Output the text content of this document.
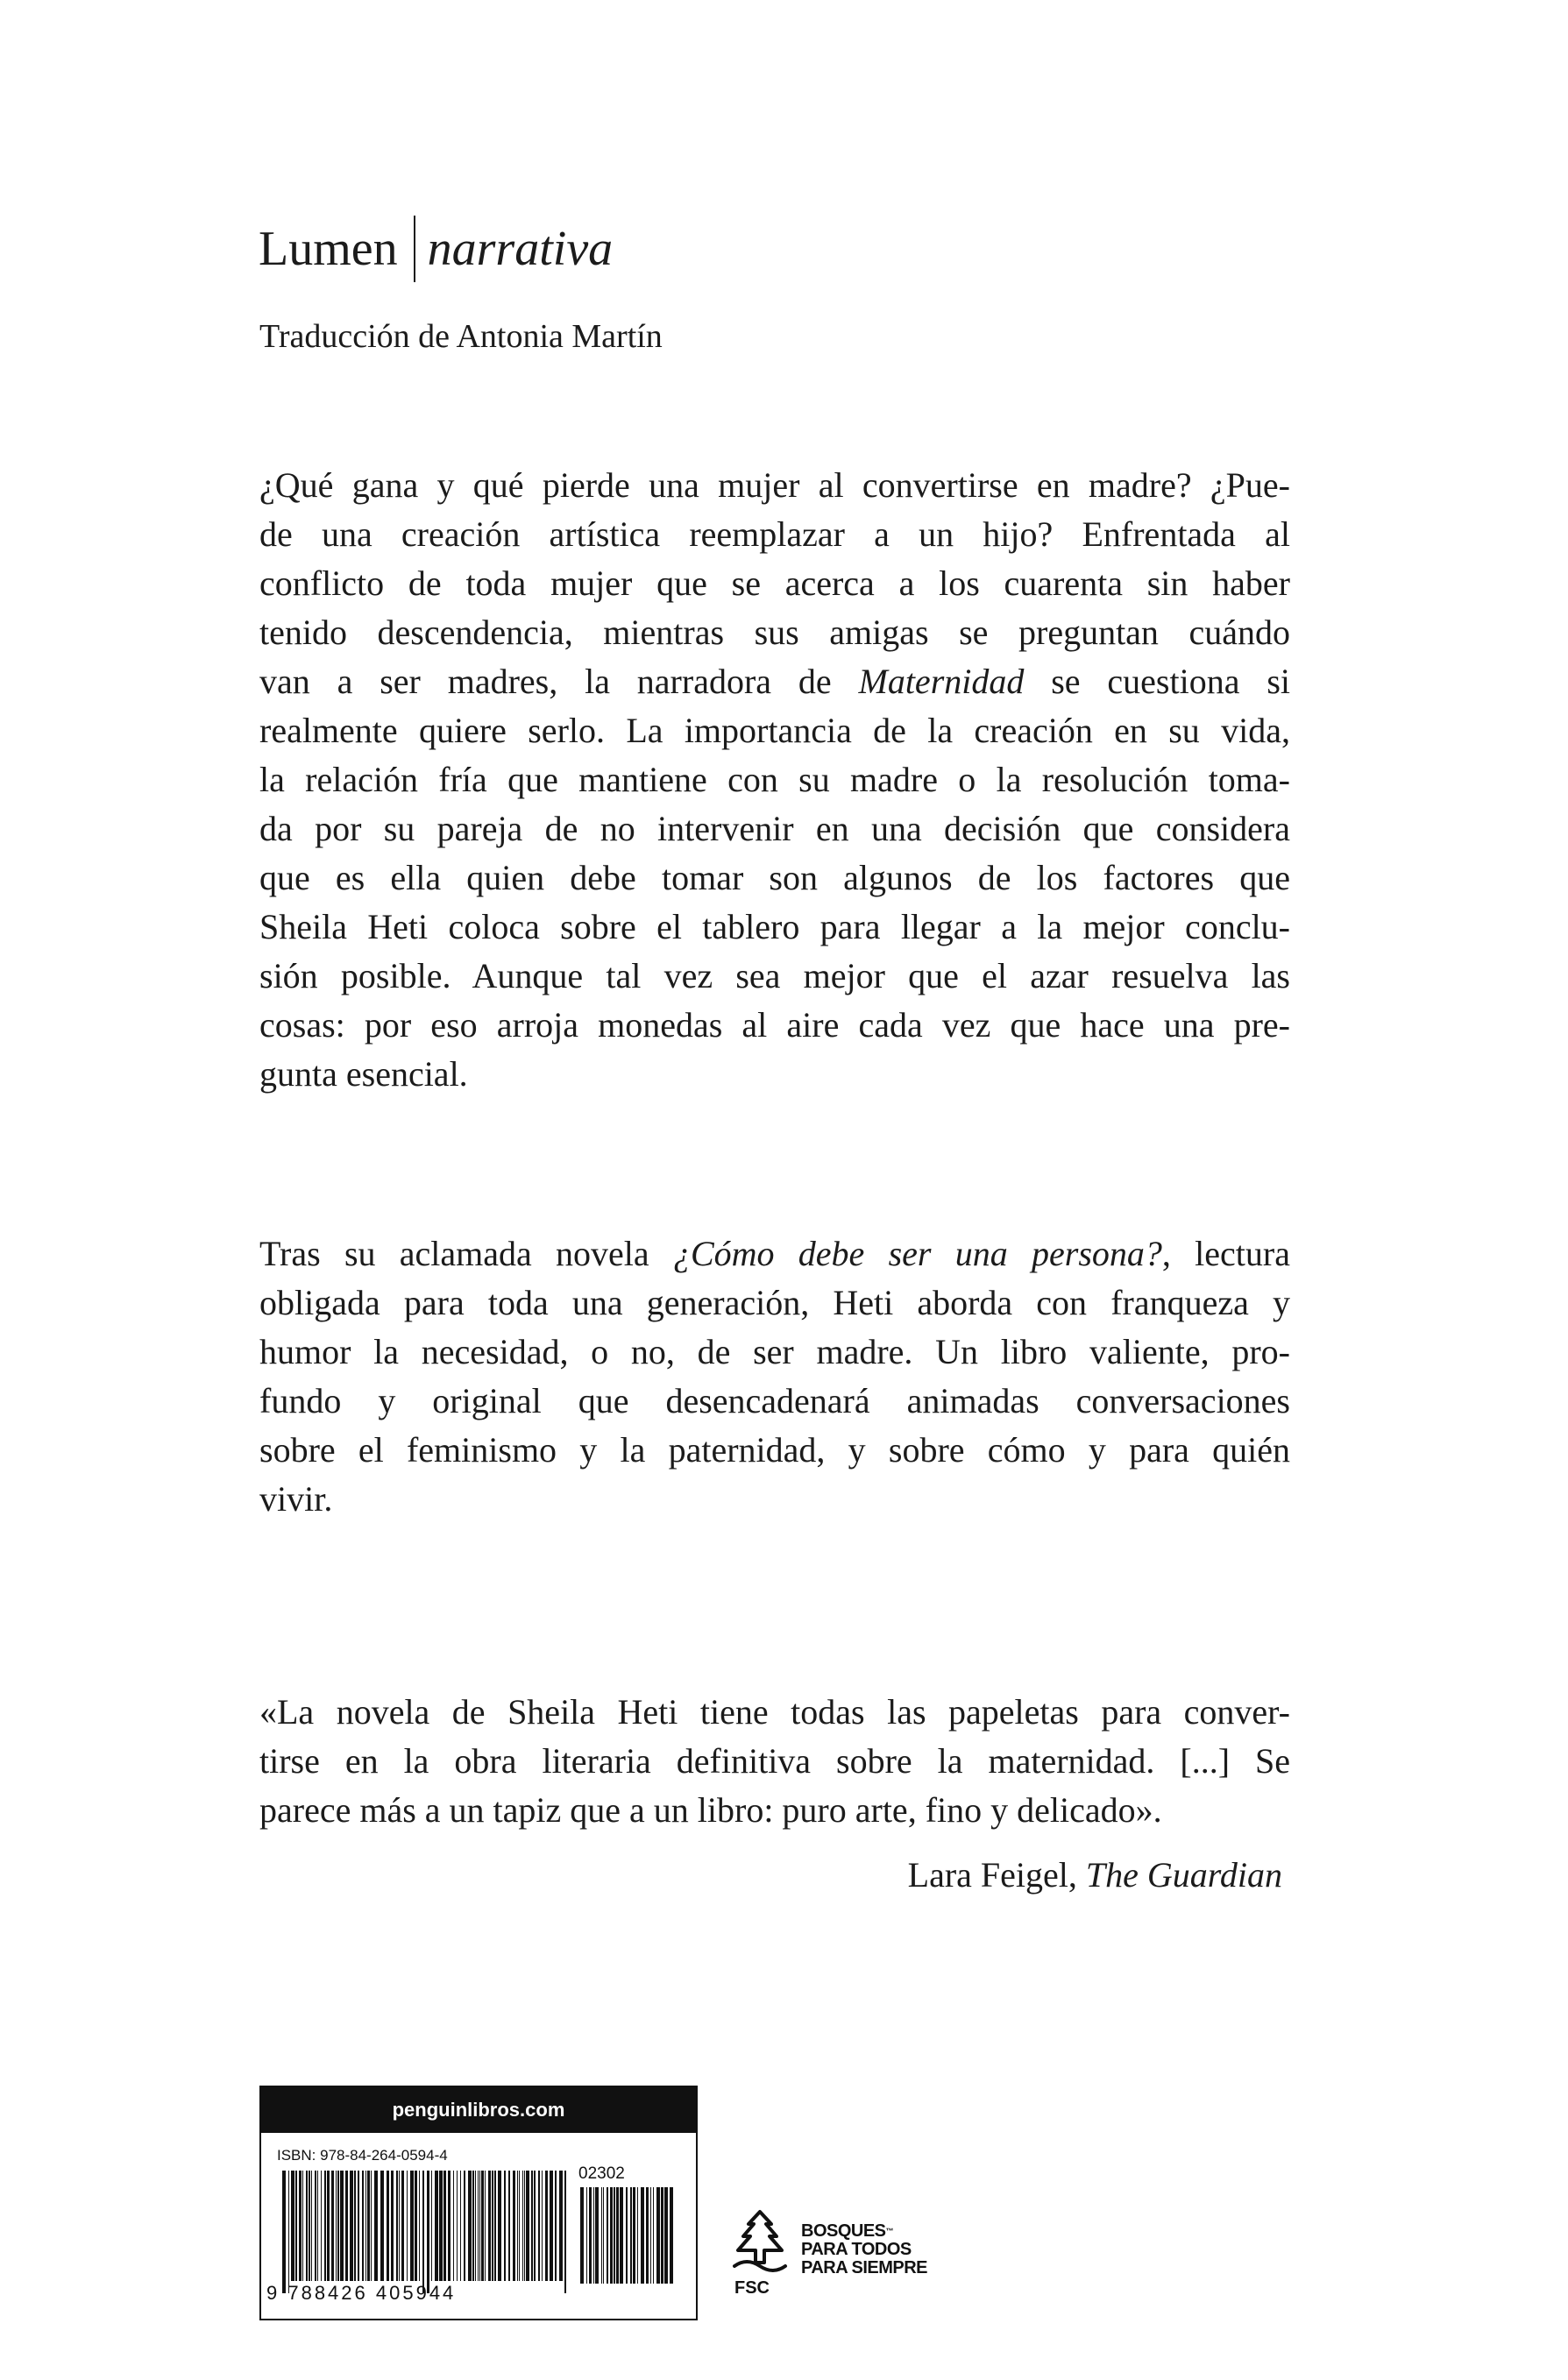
Lumen narrativa
Traducción de Antonia Martín
¿Qué gana y qué pierde una mujer al convertirse en madre? ¿Pue-
de una creación artística reemplazar a un hijo? Enfrentada al
conflicto de toda mujer que se acerca a los cuarenta sin haber
tenido descendencia, mientras sus amigas se preguntan cuándo
van a ser madres, la narradora de Maternidad se cuestiona si
realmente quiere serlo. La importancia de la creación en su vida,
la relación fría que mantiene con su madre o la resolución toma-
da por su pareja de no intervenir en una decisión que considera
que es ella quien debe tomar son algunos de los factores que
Sheila Heti coloca sobre el tablero para llegar a la mejor conclu-
sión posible. Aunque tal vez sea mejor que el azar resuelva las
cosas: por eso arroja monedas al aire cada vez que hace una pre-
gunta esencial.
Tras su aclamada novela ¿Cómo debe ser una persona?, lectura
obligada para toda una generación, Heti aborda con franqueza y
humor la necesidad, o no, de ser madre. Un libro valiente, pro-
fundo y original que desencadenará animadas conversaciones
sobre el feminismo y la paternidad, y sobre cómo y para quién
vivir.
«La novela de Sheila Heti tiene todas las papeletas para conver-
tirse en la obra literaria definitiva sobre la maternidad. [...] Se
parece más a un tapiz que a un libro: puro arte, fino y delicado».
Lara Feigel, The Guardian
penguinlibros.com
ISBN: 978-84-264-0594-4
02302
9 788426 405944	FSC
BOSQUES™
PARA TODOS
PARA SIEMPRE
